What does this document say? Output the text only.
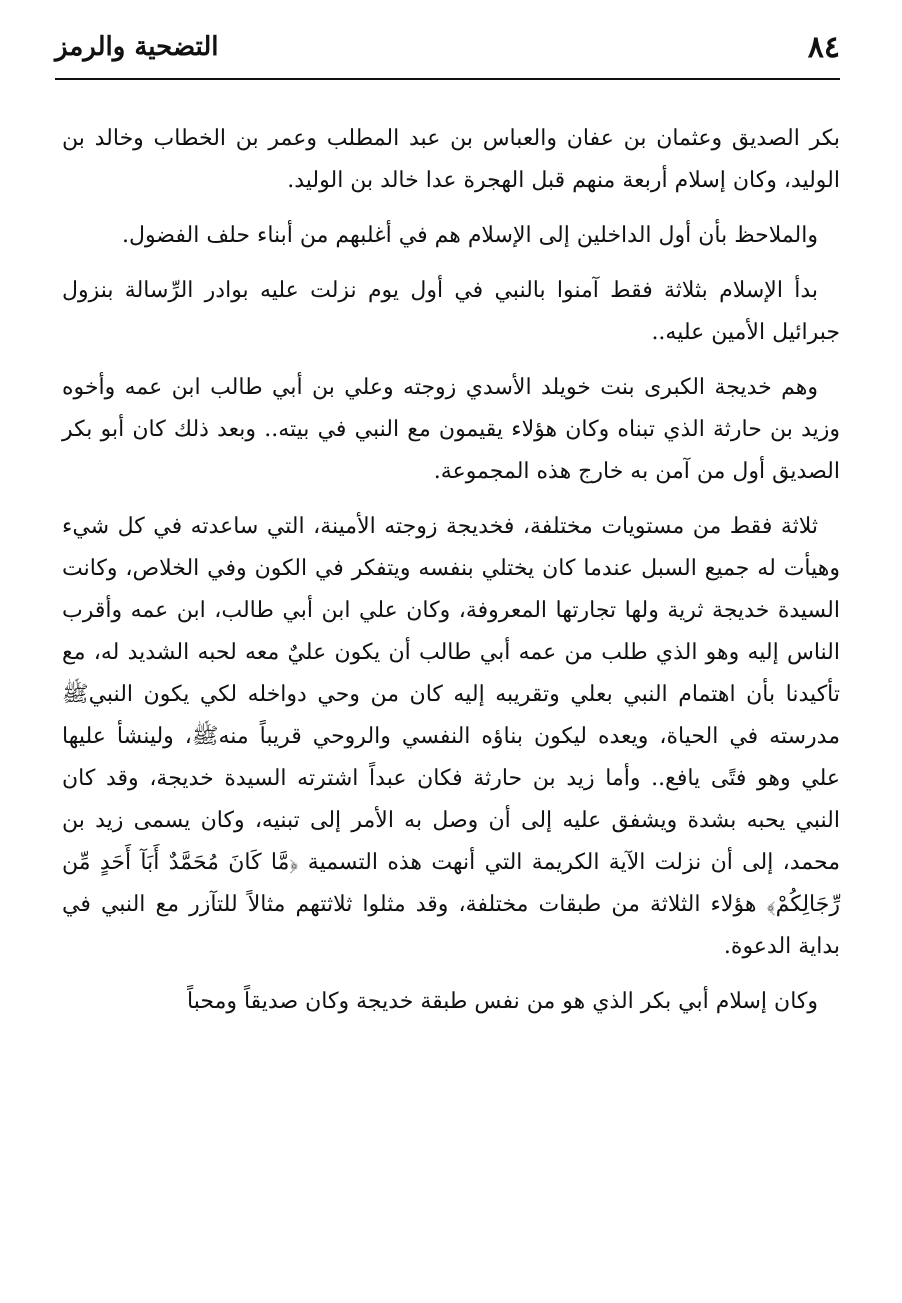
٨٤
التضحية والرمز

بكر الصديق وعثمان بن عفان والعباس بن عبد المطلب وعمر بن الخطاب وخالد بن الوليد، وكان إسلام أربعة منهم قبل الهجرة عدا خالد بن الوليد.

والملاحظ بأن أول الداخلين إلى الإسلام هم في أغلبهم من أبناء حلف الفضول.

بدأ الإسلام بثلاثة فقط آمنوا بالنبي في أول يوم نزلت عليه بوادر الرِّسالة بنزول جبرائيل الأمين عليه..

وهم خديجة الكبرى بنت خويلد الأسدي زوجته وعلي بن أبي طالب ابن عمه وأخوه وزيد بن حارثة الذي تبناه وكان هؤلاء يقيمون مع النبي في بيته.. وبعد ذلك كان أبو بكر الصديق أول من آمن به خارج هذه المجموعة.

ثلاثة فقط من مستويات مختلفة، فخديجة زوجته الأمينة، التي ساعدته في كل شيء وهيأت له جميع السبل عندما كان يختلي بنفسه ويتفكر في الكون وفي الخلاص، وكانت السيدة خديجة ثرية ولها تجارتها المعروفة، وكان علي ابن أبي طالب، ابن عمه وأقرب الناس إليه وهو الذي طلب من عمه أبي طالب أن يكون عليٌ معه لحبه الشديد له، مع تأكيدنا بأن اهتمام النبي بعلي وتقريبه إليه كان من وحي دواخله لكي يكون النبيﷺ مدرسته في الحياة، ويعده ليكون بناؤه النفسي والروحي قريباً منهﷺ، ولينشأ عليها علي وهو فتًى يافع.. وأما زيد بن حارثة فكان عبداً اشترته السيدة خديجة، وقد كان النبي يحبه بشدة ويشفق عليه إلى أن وصل به الأمر إلى تبنيه، وكان يسمى زيد بن محمد، إلى أن نزلت الآية الكريمة التي أنهت هذه التسمية ﴿مَّا كَانَ مُحَمَّدٌ أَبَآ أَحَدٍ مِّن رِّجَالِكُمْ﴾ هؤلاء الثلاثة من طبقات مختلفة، وقد مثلوا ثلاثتهم مثالاً للتآزر مع النبي في بداية الدعوة.

وكان إسلام أبي بكر الذي هو من نفس طبقة خديجة وكان صديقاً ومحباً
